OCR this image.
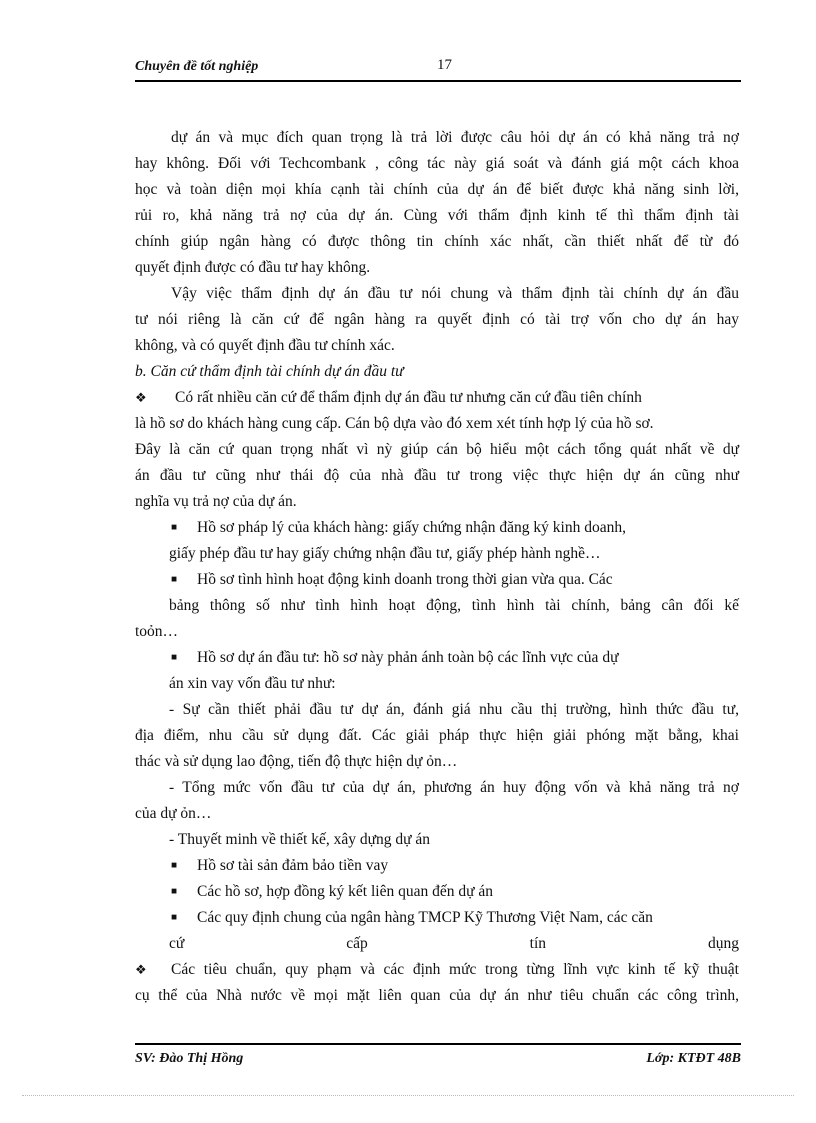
Chuyên đề tốt nghiệp	17
dự án và mục đích quan trọng là trả lời được câu hỏi dự án có khả năng trả nợ
hay không. Đối với Techcombank , công tác này giá soát và đánh giá một cách khoa
học và toàn diện mọi khía cạnh tài chính của dự án để biết được khả năng sinh lời,
rủi ro, khả năng trả nợ của dự án. Cùng với thẩm định kinh tế thì thẩm định tài
chính giúp ngân hàng có được thông tin chính xác nhất, cần thiết nhất để từ đó
quyết định được có đầu tư hay không.
Vậy việc thẩm định dự án đầu tư nói chung và thẩm định tài chính dự án đầu
tư nói riêng là căn cứ để ngân hàng ra quyết định có tài trợ vốn cho dự án hay
không, và có quyết định đầu tư chính xác.
b. Căn cứ thẩm định tài chính dự án đầu tư
❖ Có rất nhiều căn cứ để thẩm định dự án đầu tư nhưng căn cứ đầu tiên chính
là hồ sơ do khách hàng cung cấp. Cán bộ dựa vào đó xem xét tính hợp lý của hồ sơ.
Đây là căn cứ quan trọng nhất vì nỳ giúp cán bộ hiểu một cách tổng quát nhất về dự
án đầu tư cũng như thái độ của nhà đầu tư trong việc thực hiện dự án cũng như
nghĩa vụ trả nợ của dự án.
■ Hồ sơ pháp lý của khách hàng: giấy chứng nhận đăng ký kinh doanh,
giấy phép đầu tư hay giấy chứng nhận đầu tư, giấy phép hành nghề…
■ Hồ sơ tình hình hoạt động kinh doanh trong thời gian vừa qua. Các
bảng thông số như tình hình hoạt động, tình hình tài chính, bảng cân đối kế
toỏn…
■ Hồ sơ dự án đầu tư: hồ sơ này phản ánh toàn bộ các lĩnh vực của dự
án xin vay vốn đầu tư như:
- Sự cần thiết phải đầu tư dự án, đánh giá nhu cầu thị trường, hình thức đầu tư,
địa điểm, nhu cầu sử dụng đất. Các giải pháp thực hiện giải phóng mặt bằng, khai
thác và sử dụng lao động, tiến độ thực hiện dự ỏn…
- Tổng mức vốn đầu tư của dự án, phương án huy động vốn và khả năng trả nợ
của dự ỏn…
- Thuyết minh về thiết kế, xây dựng dự án
■ Hồ sơ tài sản đảm bảo tiền vay
■ Các hồ sơ, hợp đồng ký kết liên quan đến dự án
■ Các quy định chung của ngân hàng TMCP Kỹ Thương Việt Nam, các căn
cứ cấp tín dụng
❖ Các tiêu chuẩn, quy phạm và các định mức trong từng lĩnh vực kinh tế kỹ thuật
cụ thể của Nhà nước về mọi mặt liên quan của dự án như tiêu chuẩn các công trình,
SV: Đào Thị Hồng	Lớp: KTĐT 48B
